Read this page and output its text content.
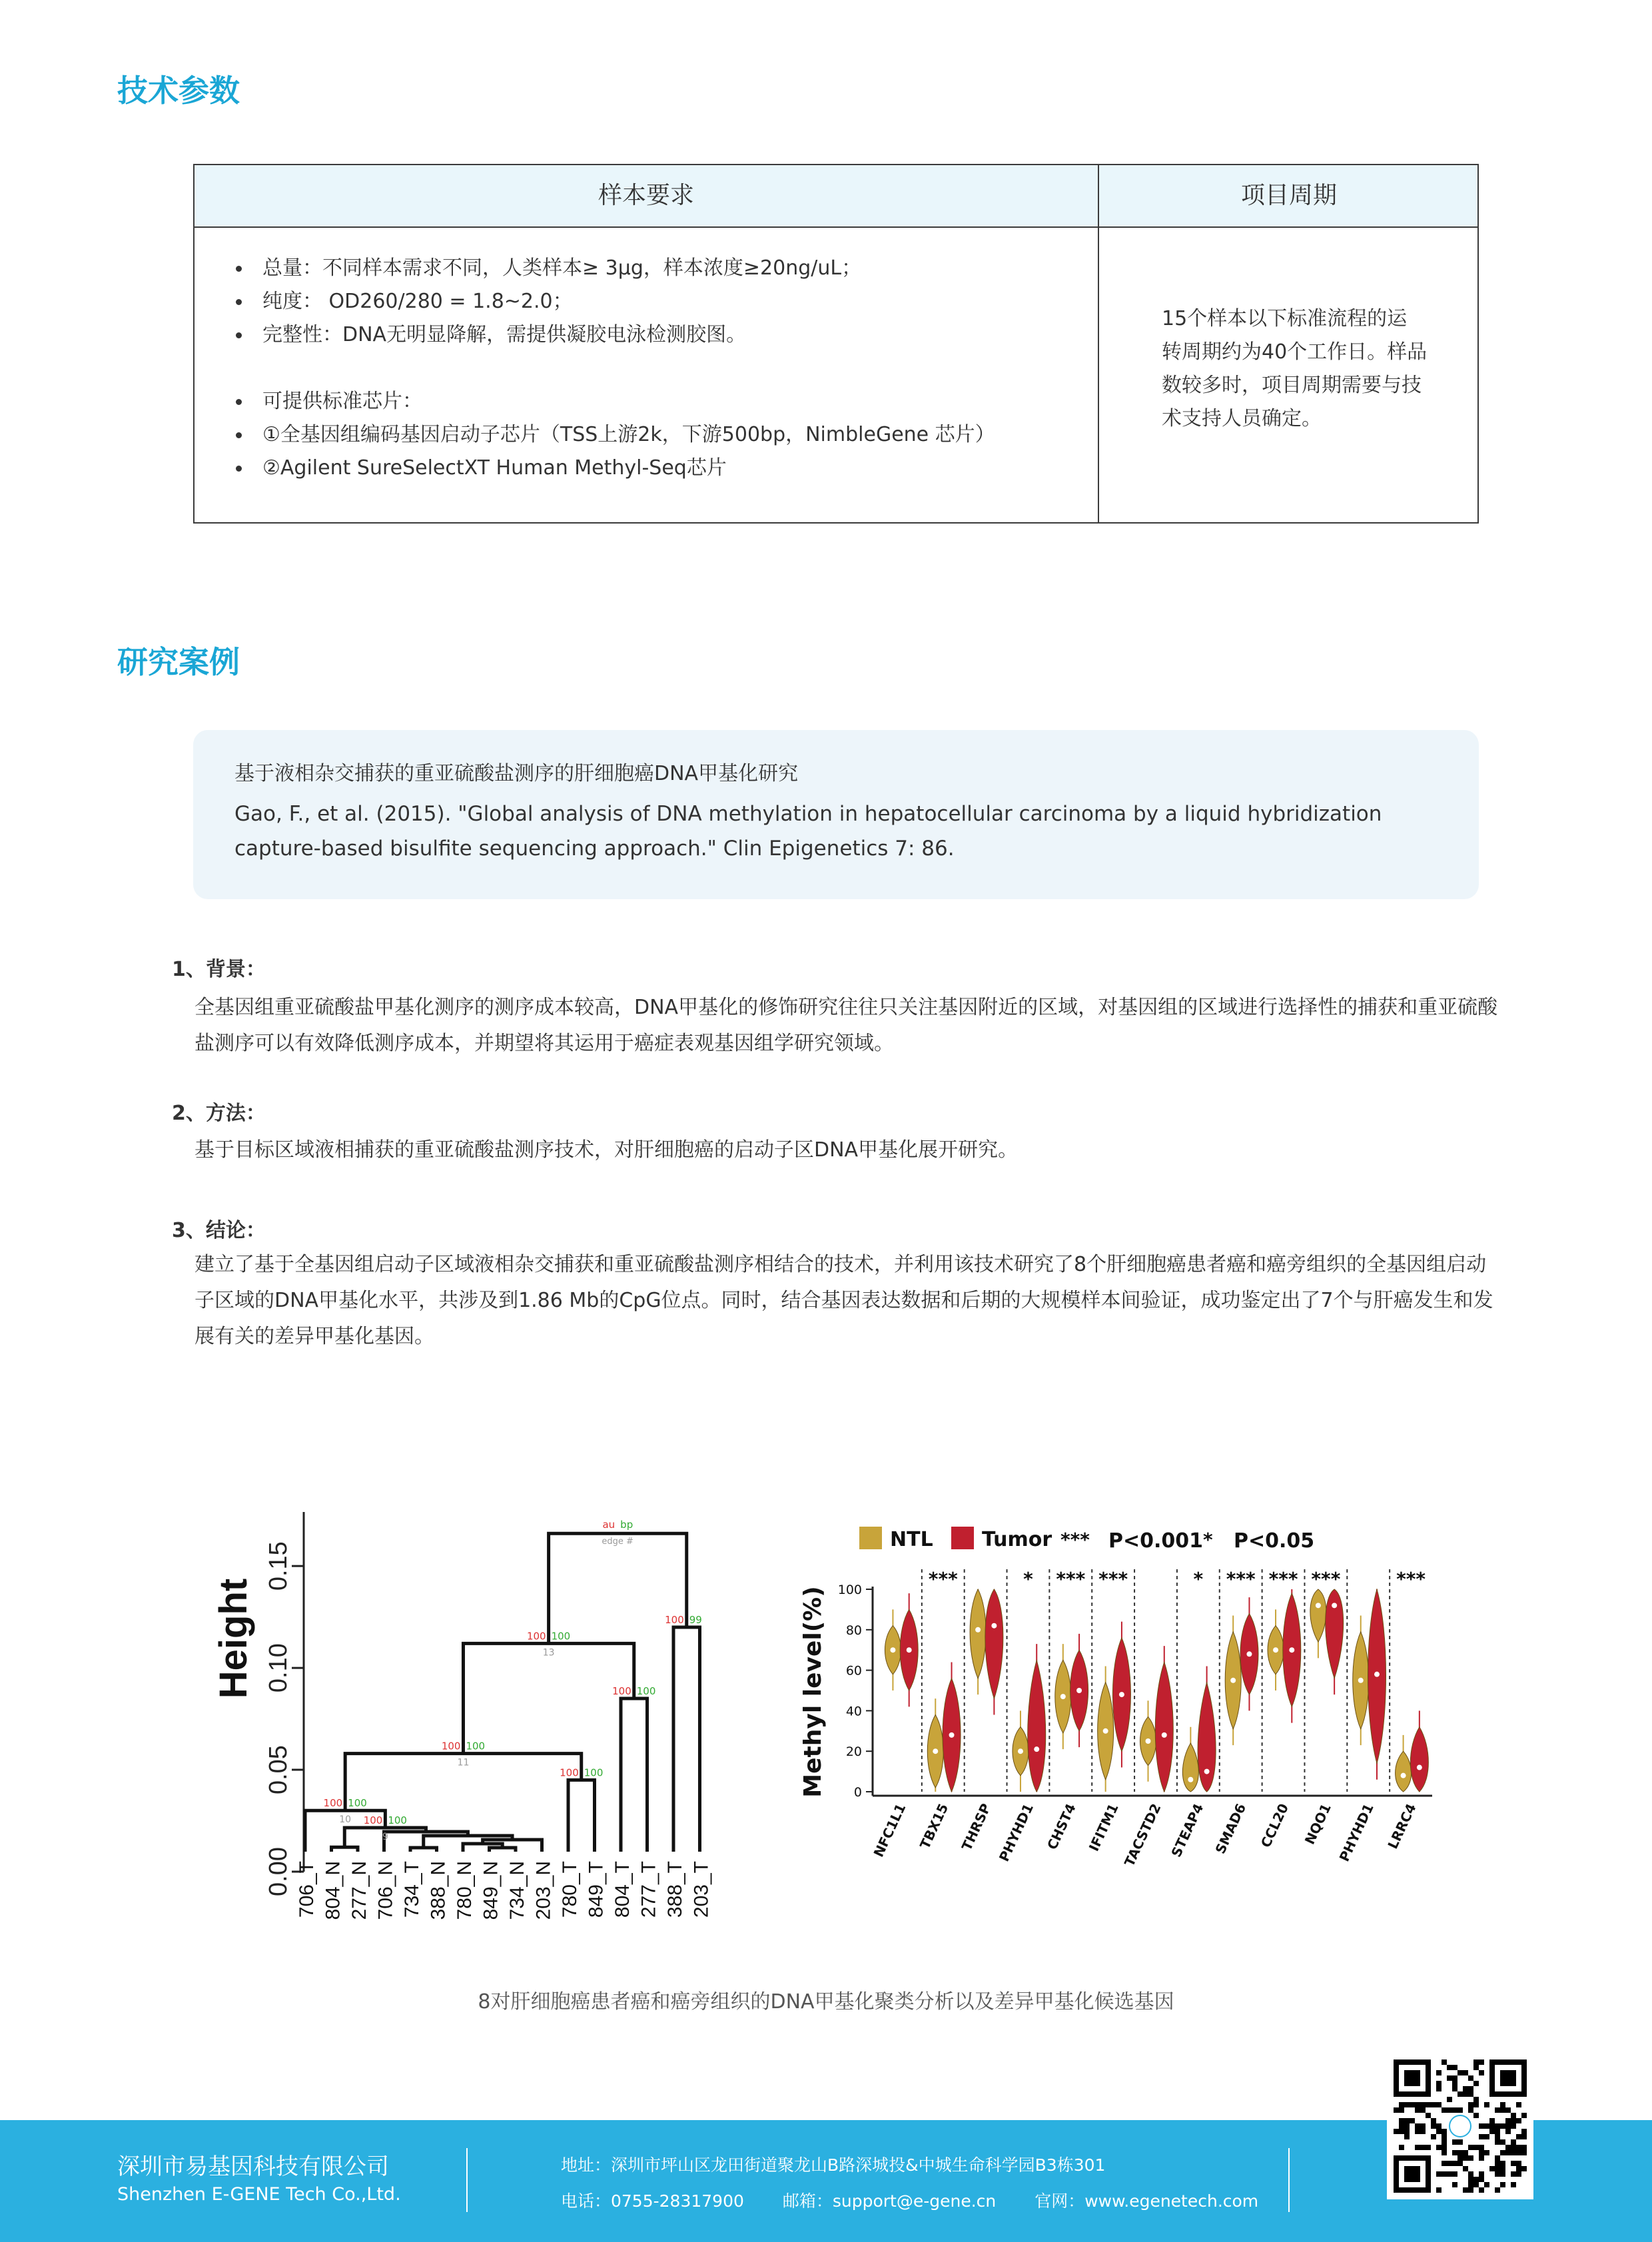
技术参数
样本要求	项目周期
总量：不同样本需求不同，人类样本≥ 3μg，样本浓度≥20ng/uL；
纯度： OD260/280 = 1.8~2.0；
完整性：DNA无明显降解，需提供凝胶电泳检测胶图。
可提供标准芯片：
①全基因组编码基因启动子芯片（TSS上游2k，下游500bp，NimbleGene 芯片）
②Agilent SureSelectXT Human Methyl-Seq芯片
15个样本以下标准流程的运
转周期约为40个工作日。样品
数较多时，项目周期需要与技
术支持人员确定。
研究案例
基于液相杂交捕获的重亚硫酸盐测序的肝细胞癌DNA甲基化研究
Gao, F., et al. (2015). "Global analysis of DNA methylation in hepatocellular carcinoma by a liquid hybridization capture-based bisulfite sequencing approach." Clin Epigenetics 7: 86.
1、背景：

全基因组重亚硫酸盐甲基化测序的测序成本较高，DNA甲基化的修饰研究往往只关注基因附近的区域，对基因组的区域进行选择性的捕获和重亚硫酸盐测序可以有效降低测序成本，并期望将其运用于癌症表观基因组学研究领域。

2、方法：

基于目标区域液相捕获的重亚硫酸盐测序技术，对肝细胞癌的启动子区DNA甲基化展开研究。

3、结论：

建立了基于全基因组启动子区域液相杂交捕获和重亚硫酸盐测序相结合的技术，并利用该技术研究了8个肝细胞癌患者癌和癌旁组织的全基因组启动子区域的DNA甲基化水平，共涉及到1.86 Mb的CpG位点。同时，结合基因表达数据和后期的大规模样本间验证，成功鉴定出了7个与肝癌发生和发展有关的差异甲基化基因。

0.00
0.05
0.10
0.15
Height
706_T 804_N 277_N 706_N 734_T 388_N 780_N 849_N 734_N 203_N 780_T 849_T 804_T 277_T 388_T 203_T
100 100
11
100 100
13
100 99
100 100
100 100
100 100
10 100 100
9
au bp
edge #	NTL Tumor *** P<0.001 * P<0.05
0
20
40
60
80
100
Methyl level(%)
NFC1L1
***
TBX15 THRSP
*
PHYHD1
***
CHST4
***
IFITM1 TACSTD2
*
STEAP4
***
SMAD6
***
CCL20
***
NQO1 PHYHD1
***
LRRC4
8对肝细胞癌患者癌和癌旁组织的DNA甲基化聚类分析以及差异甲基化候选基因
深圳市易基因科技有限公司
Shenzhen E-GENE Tech Co.,Ltd.
地址：深圳市坪山区龙田街道聚龙山B路深城投&中城生命科学园B3栋301
电话：0755-28317900 邮箱：support@e-gene.cn 官网：www.egenetech.com
